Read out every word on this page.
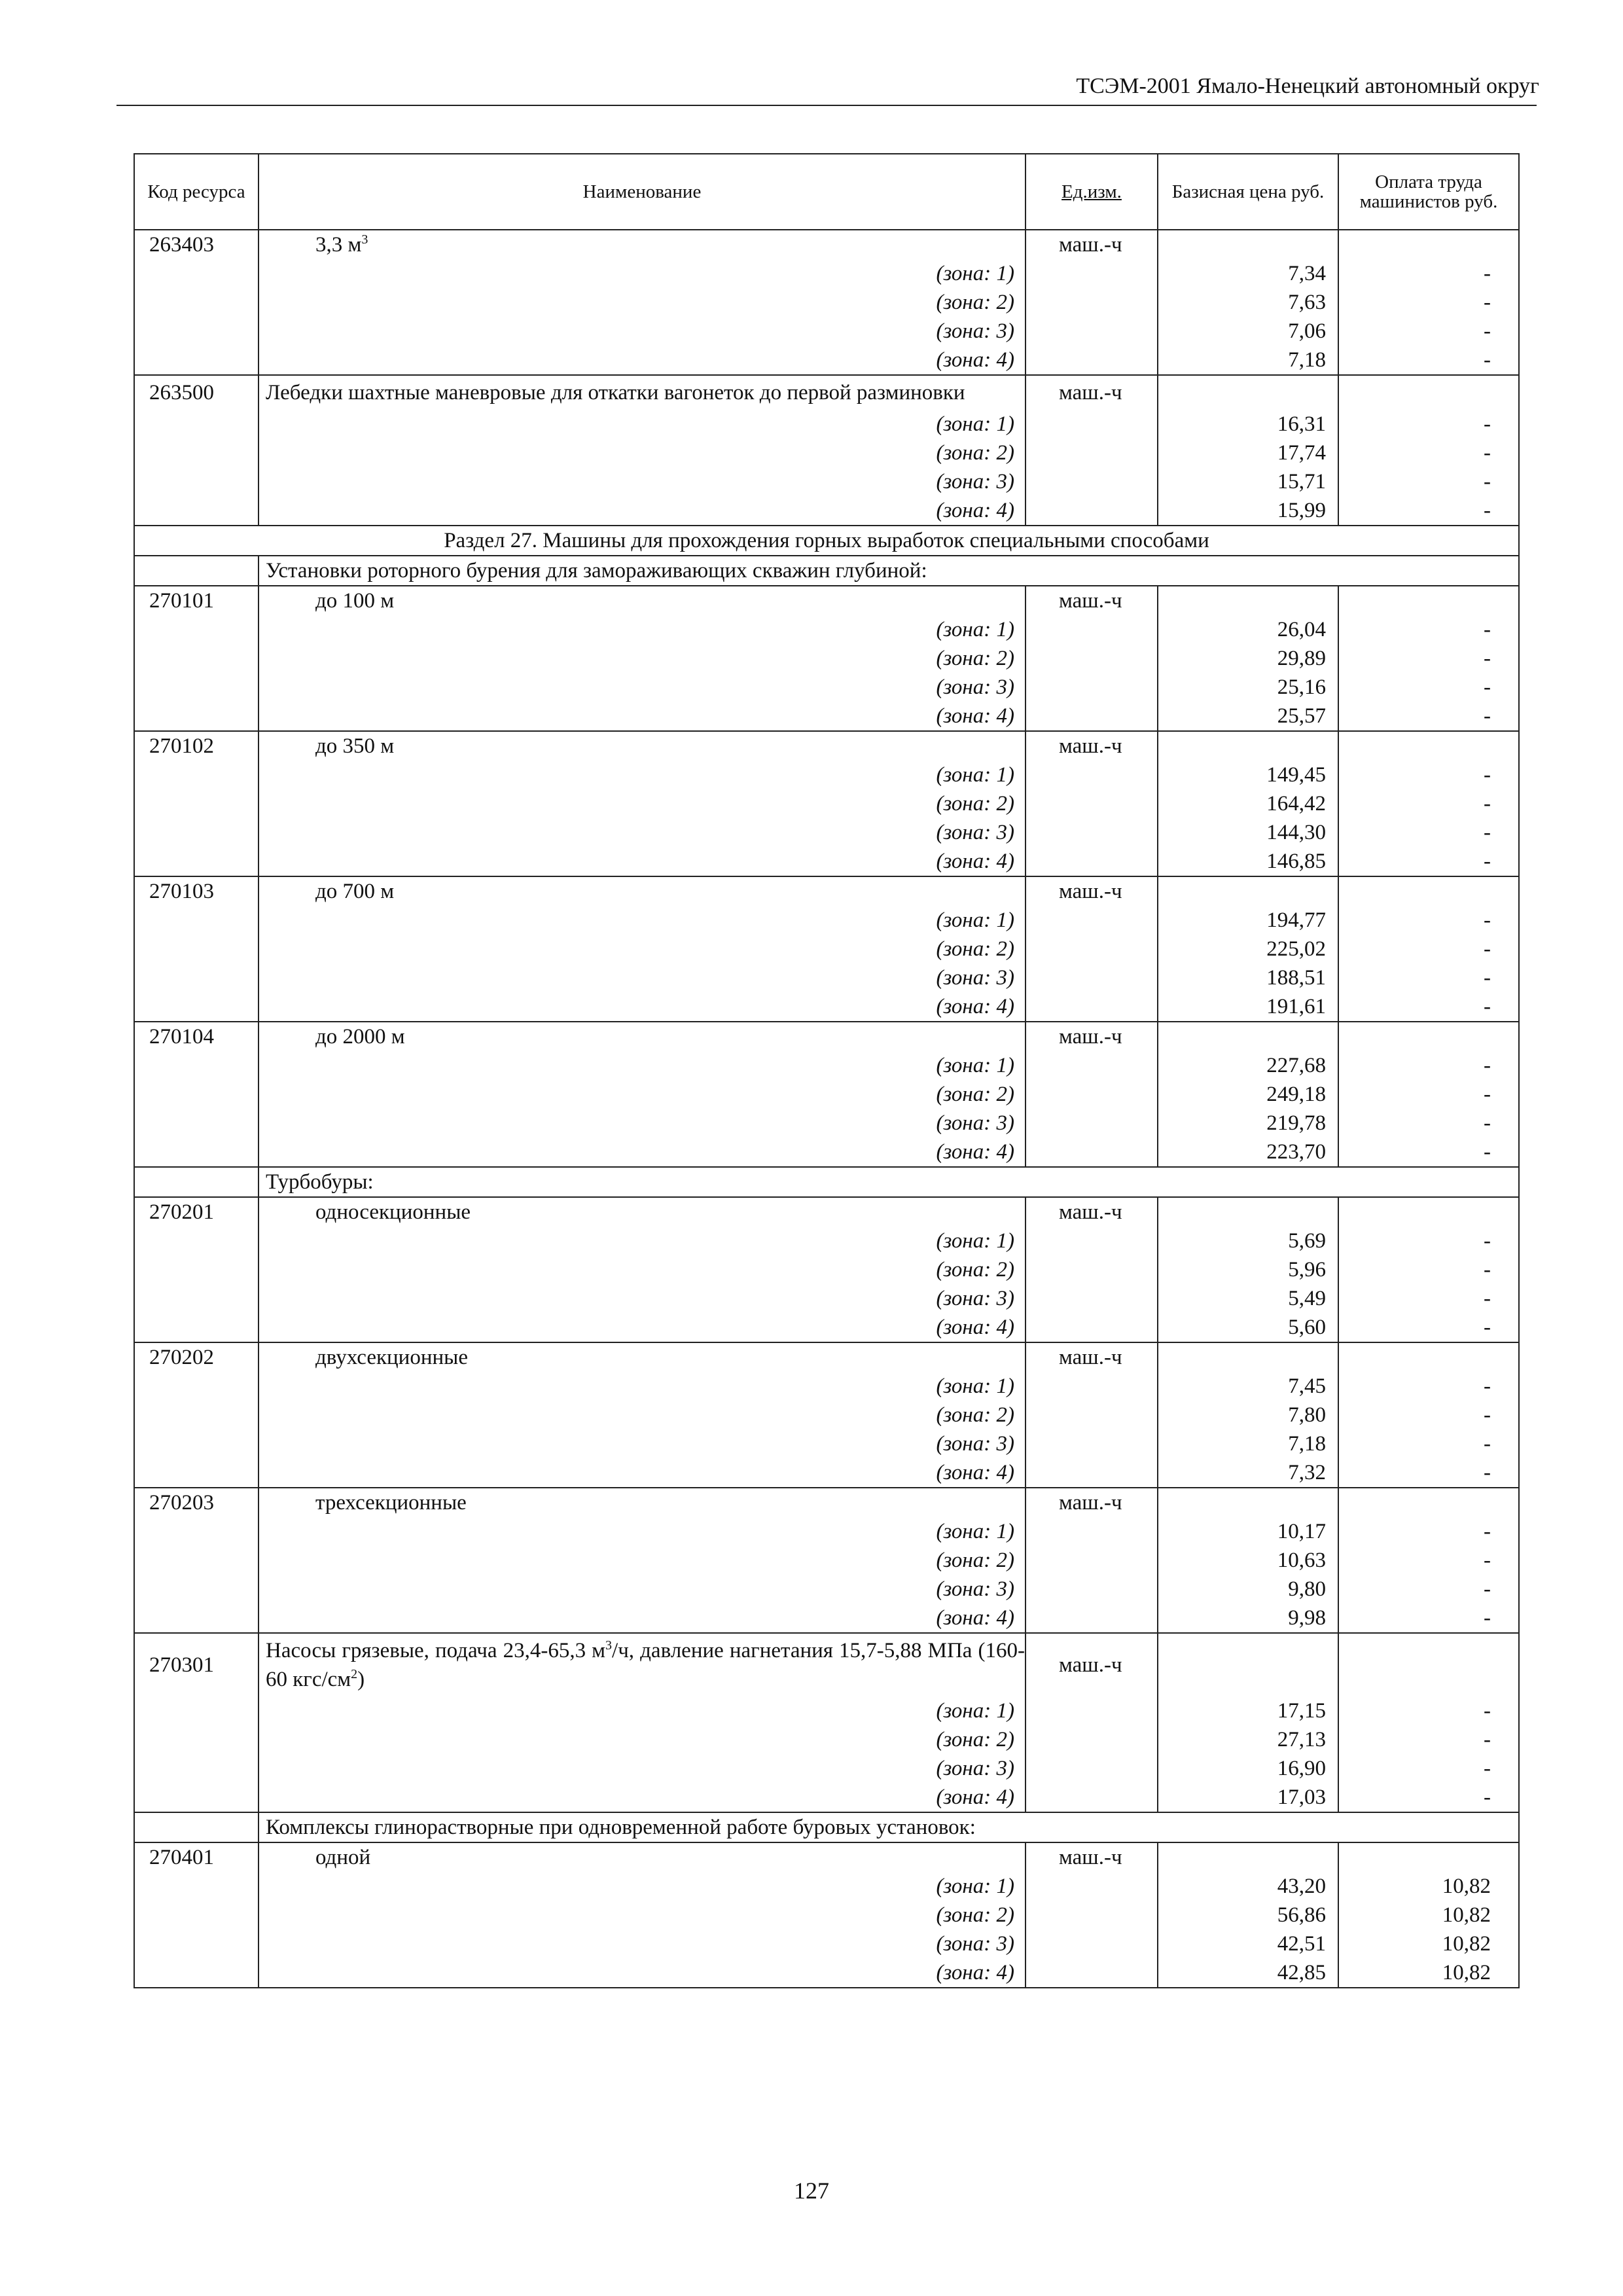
ТСЭМ-2001 Ямало-Ненецкий автономный округ
Код ресурса	Наименование	Ед.изм.	Базисная цена руб.	Оплата труда машинистов руб.
263403	3,3 $м^3$	маш.-ч		
	(зона: 1)		7,34	-
	(зона: 2)		7,63	-
	(зона: 3)		7,06	-
	(зона: 4)		7,18	-
263500	Лебедки шахтные маневровые для откатки вагонеток до первой разминовки	маш.-ч		
	(зона: 1)		16,31	-
	(зона: 2)		17,74	-
	(зона: 3)		15,71	-
	(зона: 4)		15,99	-
Раздел 27. Машины для прохождения горных выработок специальными способами				
	Установки роторного бурения для замораживающих скважин глубиной:			
270101	до 100 м	маш.-ч		
	(зона: 1)		26,04	-
	(зона: 2)		29,89	-
	(зона: 3)		25,16	-
	(зона: 4)		25,57	-
270102	до 350 м	маш.-ч		
	(зона: 1)		149,45	-
	(зона: 2)		164,42	-
	(зона: 3)		144,30	-
	(зона: 4)		146,85	-
270103	до 700 м	маш.-ч		
	(зона: 1)		194,77	-
	(зона: 2)		225,02	-
	(зона: 3)		188,51	-
	(зона: 4)		191,61	-
270104	до 2000 м	маш.-ч		
	(зона: 1)		227,68	-
	(зона: 2)		249,18	-
	(зона: 3)		219,78	-
	(зона: 4)		223,70	-
	Турбобуры:			
270201	односекционные	маш.-ч		
	(зона: 1)		5,69	-
	(зона: 2)		5,96	-
	(зона: 3)		5,49	-
	(зона: 4)		5,60	-
270202	двухсекционные	маш.-ч		
	(зона: 1)		7,45	-
	(зона: 2)		7,80	-
	(зона: 3)		7,18	-
	(зона: 4)		7,32	-
270203	трехсекционные	маш.-ч		
	(зона: 1)		10,17	-
	(зона: 2)		10,63	-
	(зона: 3)		9,80	-
	(зона: 4)		9,98	-
270301	Насосы грязевые, подача 23,4-65,3 $м^3/ч$, давление нагнетания 15,7-5,88 МПа (160-60 кгс/$см^2$)	маш.-ч		
	(зона: 1)		17,15	-
	(зона: 2)		27,13	-
	(зона: 3)		16,90	-
	(зона: 4)		17,03	-
	Комплексы глинорастворные при одновременной работе буровых установок:			
270401	одной	маш.-ч		
	(зона: 1)		43,20	10,82
	(зона: 2)		56,86	10,82
	(зона: 3)		42,51	10,82
	(зона: 4)		42,85	10,82
127
